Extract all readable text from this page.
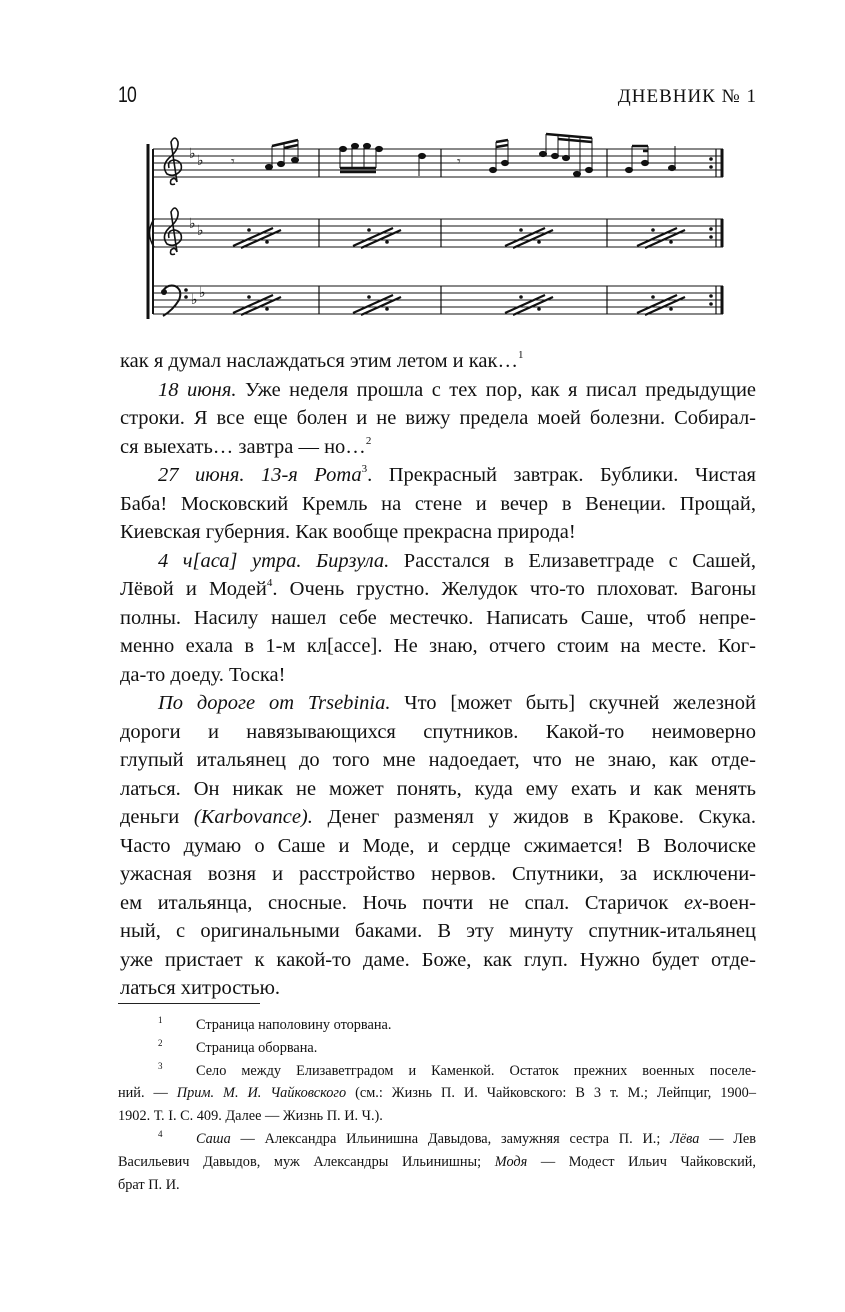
10	ДНЕВНИК № 1
♭ ♭
♭ ♭
♭ ♭
𝄾	𝄾
как я думал наслаждаться этим летом и как…$^1$
18 июня. Уже неделя прошла с тех пор, как я писал предыдущие
строки. Я все еще болен и не вижу предела моей болезни. Собирал-
ся выехать… завтра — но…$^2$
27 июня. 13-я Рота$^3$. Прекрасный завтрак. Бублики. Чистая
Баба! Московский Кремль на стене и вечер в Венеции. Прощай,
Киевская губерния. Как вообще прекрасна природа!
4 ч[аса] утра. Бирзула. Расстался в Елизаветграде с Сашей,
Лёвой и Модей$^4$. Очень грустно. Желудок что-то плоховат. Вагоны
полны. Насилу нашел себе местечко. Написать Саше, чтоб непре-
менно ехала в 1-м кл[ассе]. Не знаю, отчего стоим на месте. Ког-
да-то доеду. Тоска!
По дороге от Trsebinia. Что [может быть] скучней железной
дороги и навязывающихся спутников. Какой-то неимоверно
глупый итальянец до того мне надоедает, что не знаю, как отде-
латься. Он никак не может понять, куда ему ехать и как менять
деньги (Karbovance). Денег разменял у жидов в Кракове. Скука.
Часто думаю о Саше и Моде, и сердце сжимается! В Волочиске
ужасная возня и расстройство нервов. Спутники, за исключени-
ем итальянца, сносные. Ночь почти не спал. Старичок ex-воен-
ный, с оригинальными баками. В эту минуту спутник-итальянец
уже пристает к какой-то даме. Боже, как глуп. Нужно будет отде-
латься хитростью.
1	Страница наполовину оторвана.
2	Страница оборвана.
3	Село между Елизаветградом и Каменкой. Остаток прежних военных поселе-
ний. — Прим. М. И. Чайковского (см.: Жизнь П. И. Чайковского: В 3 т. М.; Лейпциг, 1900–
1902. Т. I. С. 409. Далее — Жизнь П. И. Ч.).
4	Саша — Александра Ильинишна Давыдова, замужняя сестра П. И.; Лёва — Лев
Васильевич Давыдов, муж Александры Ильинишны; Модя — Модест Ильич Чайковский,
брат П. И.
